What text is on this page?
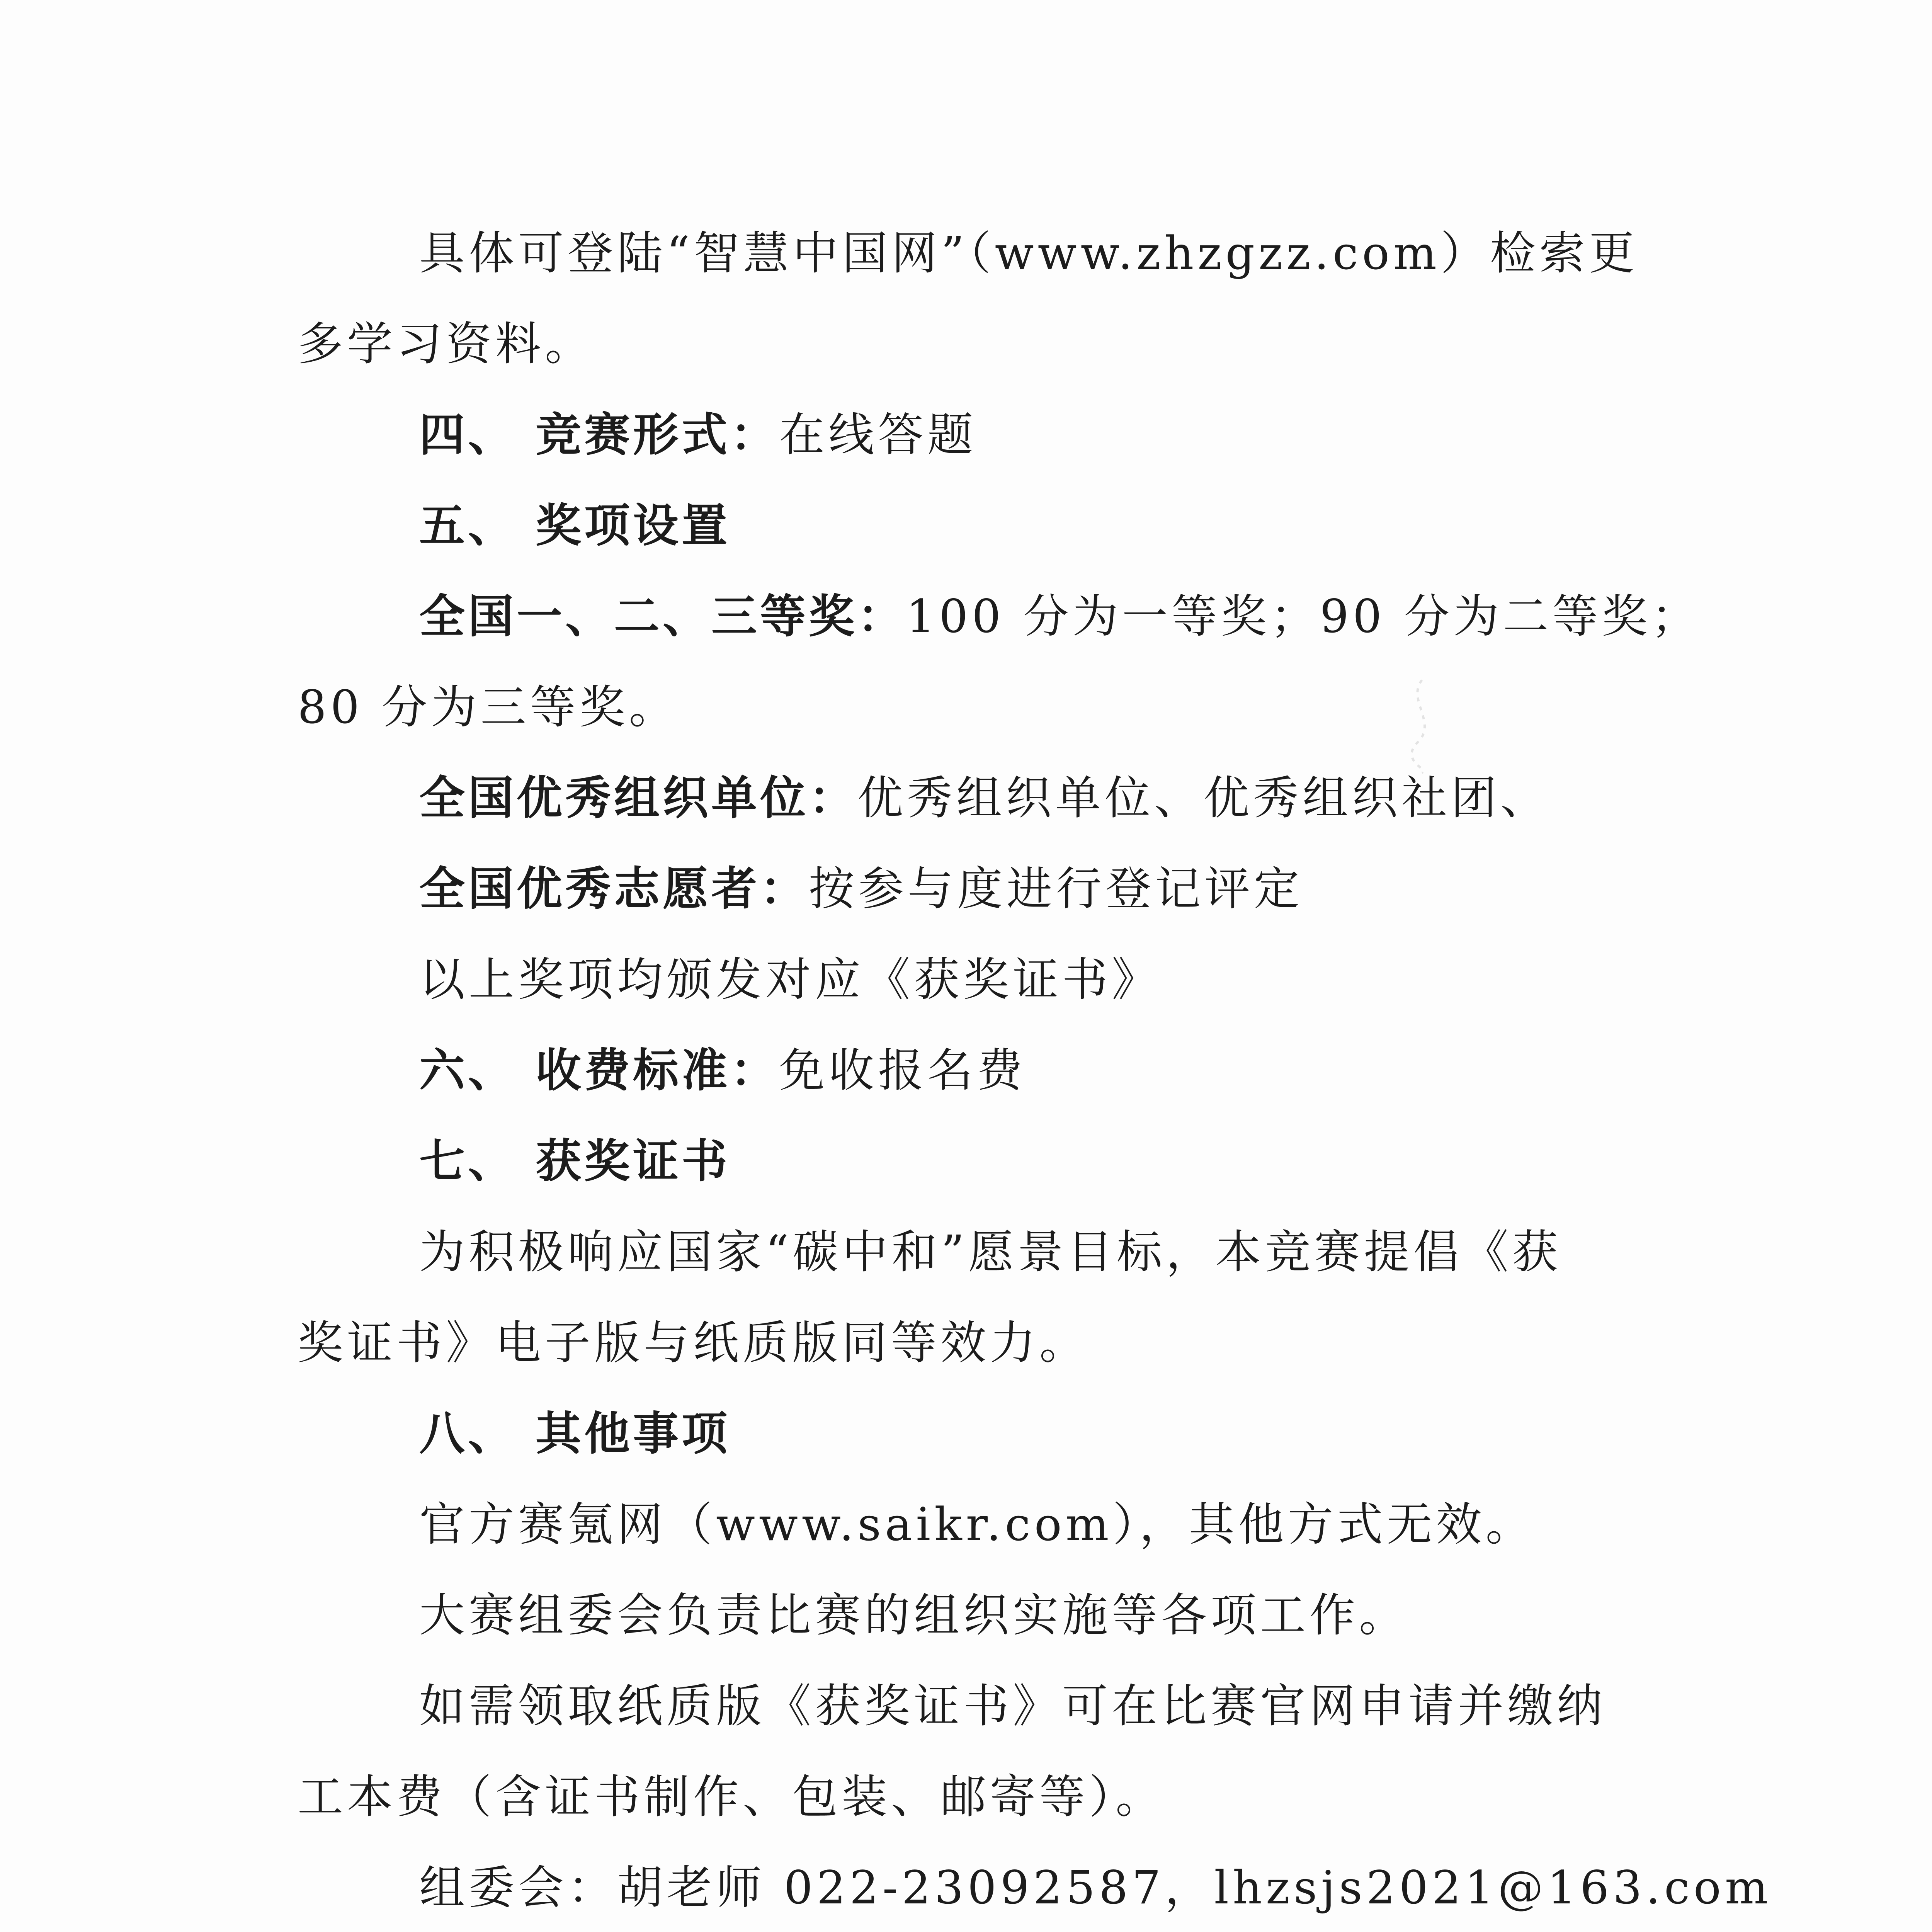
具体可登陆“智慧中国网”（www.zhzgzz.com）检索更
多学习资料。
四、 竞赛形式：在线答题
五、 奖项设置
全国一、二、三等奖：100 分为一等奖；90 分为二等奖；
80 分为三等奖。
全国优秀组织单位：优秀组织单位、优秀组织社团、
全国优秀志愿者：按参与度进行登记评定
以上奖项均颁发对应《获奖证书》
六、 收费标准：免收报名费
七、 获奖证书
为积极响应国家“碳中和”愿景目标，本竞赛提倡《获
奖证书》电子版与纸质版同等效力。
八、 其他事项
官方赛氪网（www.saikr.com），其他方式无效。
大赛组委会负责比赛的组织实施等各项工作。
如需领取纸质版《获奖证书》可在比赛官网申请并缴纳
工本费（含证书制作、包装、邮寄等）。
组委会：胡老师 022-23092587，lhzsjs2021@163.com
